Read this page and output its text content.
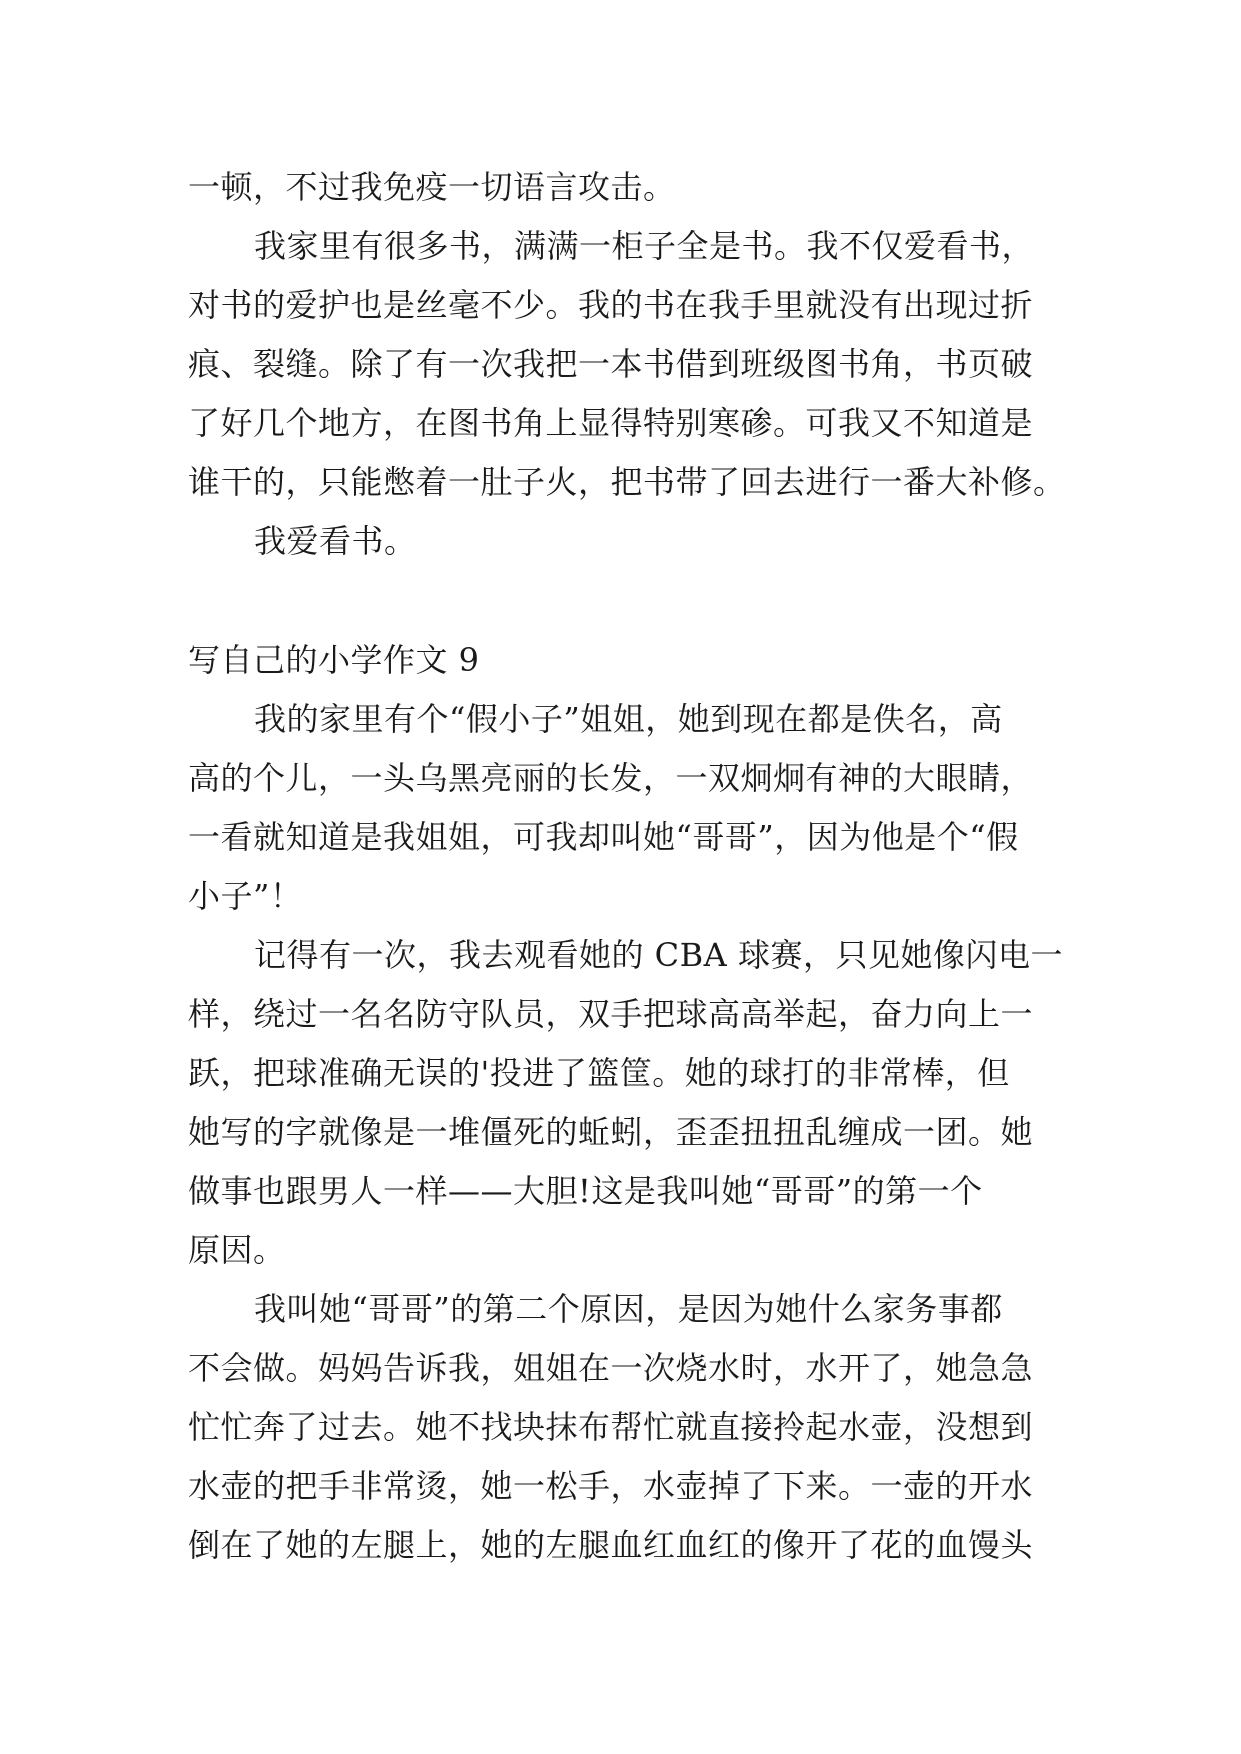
一顿，不过我免疫一切语言攻击。
我家里有很多书，满满一柜子全是书。我不仅爱看书，
对书的爱护也是丝毫不少。我的书在我手里就没有出现过折
痕、裂缝。除了有一次我把一本书借到班级图书角，书页破
了好几个地方，在图书角上显得特别寒碜。可我又不知道是
谁干的，只能憋着一肚子火，把书带了回去进行一番大补修。
我爱看书。
写自己的小学作文 9
我的家里有个“假小子”姐姐，她到现在都是佚名，高
高的个儿，一头乌黑亮丽的长发，一双炯炯有神的大眼睛，
一看就知道是我姐姐，可我却叫她“哥哥”，因为他是个“假
小子”！
记得有一次，我去观看她的 CBA 球赛，只见她像闪电一
样，绕过一名名防守队员，双手把球高高举起，奋力向上一
跃，把球准确无误的'投进了篮筐。她的球打的非常棒，但
她写的字就像是一堆僵死的蚯蚓，歪歪扭扭乱缠成一团。她
做事也跟男人一样——大胆!这是我叫她“哥哥”的第一个
原因。
我叫她“哥哥”的第二个原因，是因为她什么家务事都
不会做。妈妈告诉我，姐姐在一次烧水时，水开了，她急急
忙忙奔了过去。她不找块抹布帮忙就直接拎起水壶，没想到
水壶的把手非常烫，她一松手，水壶掉了下来。一壶的开水
倒在了她的左腿上，她的左腿血红血红的像开了花的血馒头
